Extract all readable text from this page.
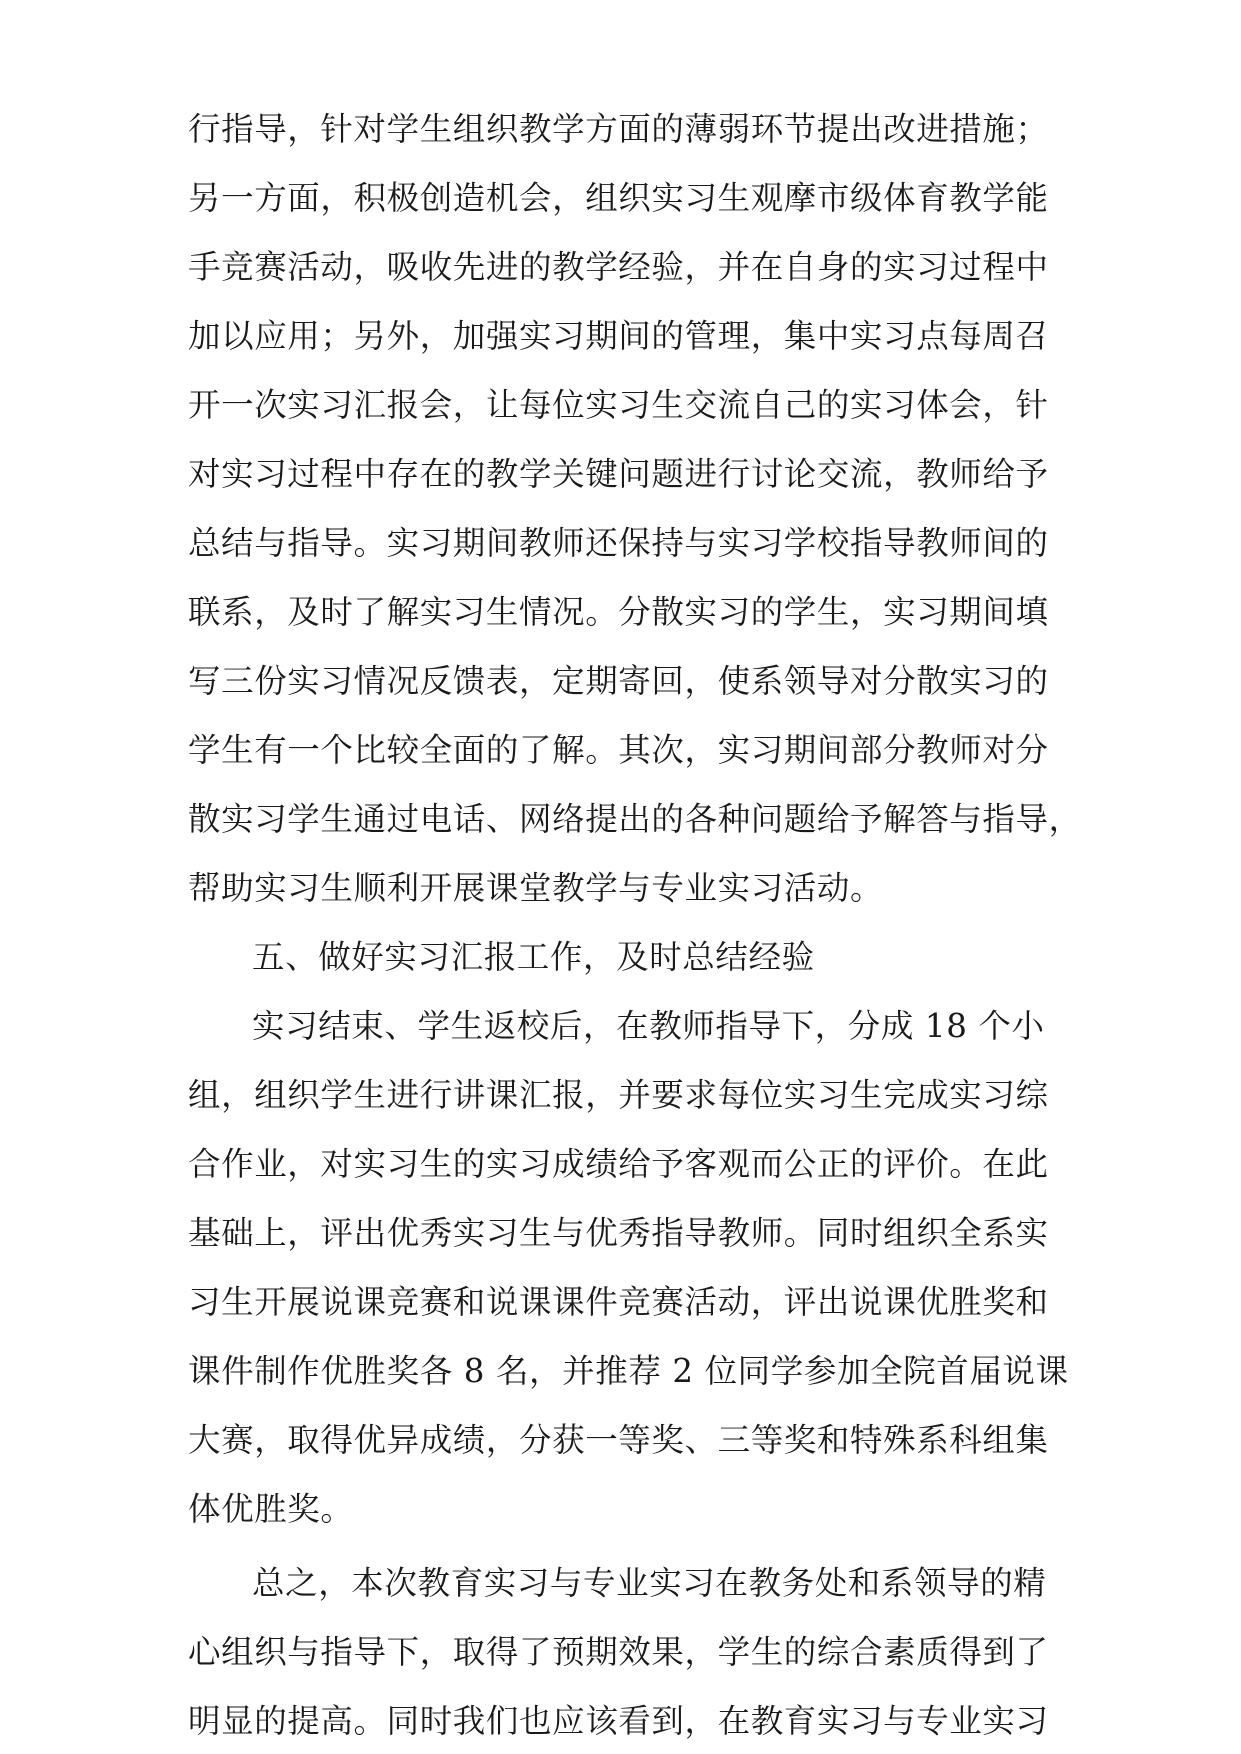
行指导，针对学生组织教学方面的薄弱环节提出改进措施；
另一方面，积极创造机会，组织实习生观摩市级体育教学能
手竞赛活动，吸收先进的教学经验，并在自身的实习过程中
加以应用；另外，加强实习期间的管理，集中实习点每周召
开一次实习汇报会，让每位实习生交流自己的实习体会，针
对实习过程中存在的教学关键问题进行讨论交流，教师给予
总结与指导。实习期间教师还保持与实习学校指导教师间的
联系，及时了解实习生情况。分散实习的学生，实习期间填
写三份实习情况反馈表，定期寄回，使系领导对分散实习的
学生有一个比较全面的了解。其次，实习期间部分教师对分
散实习学生通过电话、网络提出的各种问题给予解答与指导，
帮助实习生顺利开展课堂教学与专业实习活动。
五、做好实习汇报工作，及时总结经验
实习结束、学生返校后，在教师指导下，分成 18 个小
组，组织学生进行讲课汇报，并要求每位实习生完成实习综
合作业，对实习生的实习成绩给予客观而公正的评价。在此
基础上，评出优秀实习生与优秀指导教师。同时组织全系实
习生开展说课竞赛和说课课件竞赛活动，评出说课优胜奖和
课件制作优胜奖各 8 名，并推荐 2 位同学参加全院首届说课
大赛，取得优异成绩，分获一等奖、三等奖和特殊系科组集
体优胜奖。
总之，本次教育实习与专业实习在教务处和系领导的精
心组织与指导下，取得了预期效果，学生的综合素质得到了
明显的提高。同时我们也应该看到，在教育实习与专业实习
